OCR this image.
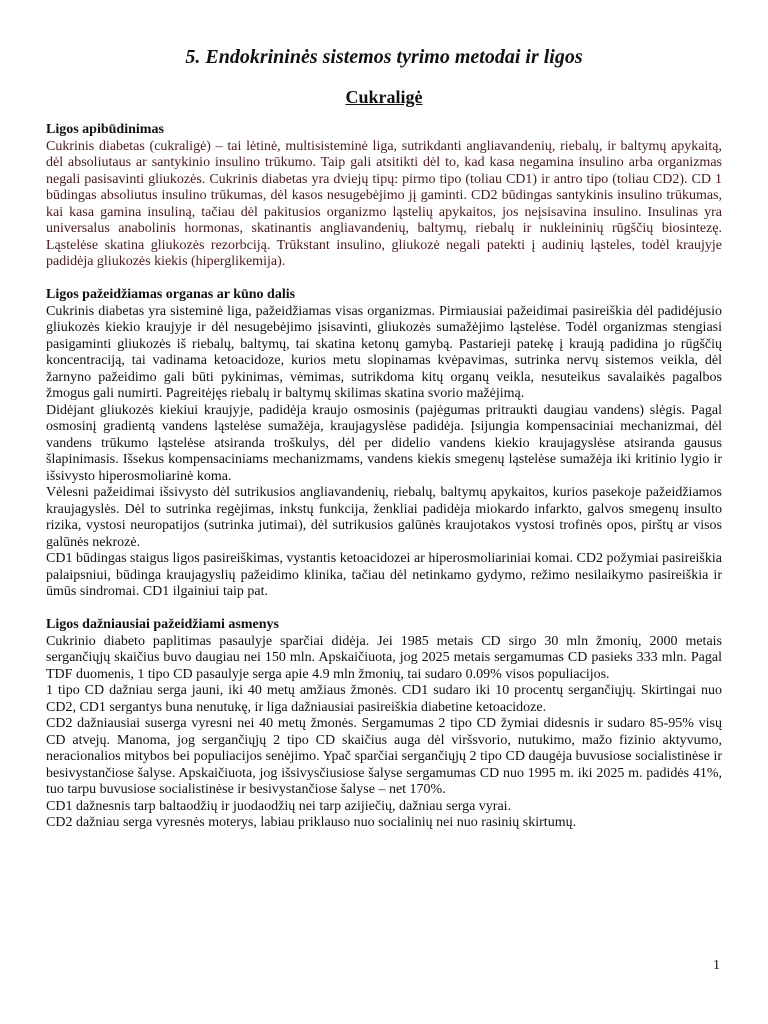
5. Endokrininės sistemos tyrimo metodai ir ligos
Cukraligė
Ligos apibūdinimas

Cukrinis diabetas (cukraligė) – tai lėtinė, multisisteminė liga, sutrikdanti angliavandenių, riebalų, ir baltymų apykaitą, dėl absoliutaus ar santykinio insulino trūkumo. Taip gali atsitikti dėl to, kad kasa negamina insulino arba organizmas negali pasisavinti gliukozės. Cukrinis diabetas yra dviejų tipų: pirmo tipo (toliau CD1) ir antro tipo (toliau CD2). CD 1 būdingas absoliutus insulino trūkumas, dėl kasos nesugebėjimo jį gaminti. CD2 būdingas santykinis insulino trūkumas, kai kasa gamina insuliną, tačiau dėl pakitusios organizmo ląstelių apykaitos, jos neįsisavina insulino. Insulinas yra universalus anabolinis hormonas, skatinantis angliavandenių, baltymų, riebalų ir nukleininių rūgščių biosintezę. Ląstelėse skatina gliukozės rezorbciją. Trūkstant insulino, gliukozė negali patekti į audinių ląsteles, todėl kraujyje padidėja gliukozės kiekis (hiperglikemija).

Ligos pažeidžiamas organas ar kūno dalis

Cukrinis diabetas yra sisteminė liga, pažeidžiamas visas organizmas. Pirmiausiai pažeidimai pasireiškia dėl padidėjusio gliukozės kiekio kraujyje ir dėl nesugebėjimo įsisavinti, gliukozės sumažėjimo ląstelėse. Todėl organizmas stengiasi pasigaminti gliukozės iš riebalų, baltymų, tai skatina ketonų gamybą. Pastarieji patekę į kraują padidina jo rūgščių koncentraciją, tai vadinama ketoacidoze, kurios metu slopinamas kvėpavimas, sutrinka nervų sistemos veikla, dėl žarnyno pažeidimo gali būti pykinimas, vėmimas, sutrikdoma kitų organų veikla, nesuteikus savalaikės pagalbos žmogus gali numirti. Pagreitėjęs riebalų ir baltymų skilimas skatina svorio mažėjimą.

Didėjant gliukozės kiekiui kraujyje, padidėja kraujo osmosinis (pajėgumas pritraukti daugiau vandens) slėgis. Pagal osmosinį gradientą vandens ląstelėse sumažėja, kraujagyslėse padidėja. Įsijungia kompensaciniai mechanizmai, dėl vandens trūkumo ląstelėse atsiranda troškulys, dėl per didelio vandens kiekio kraujagyslėse atsiranda gausus šlapinimasis. Išsekus kompensaciniams mechanizmams, vandens kiekis smegenų ląstelėse sumažėja iki kritinio lygio ir išsivysto hiperosmoliarinė koma.

Vėlesni pažeidimai išsivysto dėl sutrikusios angliavandenių, riebalų, baltymų apykaitos, kurios pasekoje pažeidžiamos kraujagyslės. Dėl to sutrinka regėjimas, inkstų funkcija, ženkliai padidėja miokardo infarkto, galvos smegenų insulto rizika, vystosi neuropatijos (sutrinka jutimai), dėl sutrikusios galūnės kraujotakos vystosi trofinės opos, pirštų ar visos galūnės nekrozė.

CD1 būdingas staigus ligos pasireiškimas, vystantis ketoacidozei ar hiperosmoliariniai komai. CD2 požymiai pasireiškia palaipsniui, būdinga kraujagyslių pažeidimo klinika, tačiau dėl netinkamo gydymo, režimo nesilaikymo pasireiškia ir ūmūs sindromai. CD1 ilgainiui taip pat.

Ligos dažniausiai pažeidžiami asmenys

Cukrinio diabeto paplitimas pasaulyje sparčiai didėja. Jei 1985 metais CD sirgo 30 mln žmonių, 2000 metais sergančiųjų skaičius buvo daugiau nei 150 mln. Apskaičiuota, jog 2025 metais sergamumas CD pasieks 333 mln. Pagal TDF duomenis, 1 tipo CD pasaulyje serga apie 4.9 mln žmonių, tai sudaro 0.09% visos populiacijos.

1 tipo CD dažniau serga jauni, iki 40 metų amžiaus žmonės. CD1 sudaro iki 10 procentų sergančiųjų. Skirtingai nuo CD2, CD1 sergantys buna nenutukę, ir liga dažniausiai pasireiškia diabetine ketoacidoze.

CD2 dažniausiai suserga vyresni nei 40 metų žmonės. Sergamumas 2 tipo CD žymiai didesnis ir sudaro 85-95% visų CD atvejų. Manoma, jog sergančiųjų 2 tipo CD skaičius auga dėl viršsvorio, nutukimo, mažo fizinio aktyvumo, neracionalios mitybos bei populiacijos senėjimo. Ypač sparčiai sergančiųjų 2 tipo CD daugėja buvusiose socialistinėse ir besivystančiose šalyse. Apskaičiuota, jog išsivysčiusiose šalyse sergamumas CD nuo 1995 m. iki 2025 m. padidės 41%, tuo tarpu buvusiose socialistinėse ir besivystančiose šalyse – net 170%.

CD1 dažnesnis tarp baltaodžių ir juodaodžių nei tarp azijiečių, dažniau serga vyrai.

CD2 dažniau serga vyresnės moterys, labiau priklauso nuo socialinių nei nuo rasinių skirtumų.

1
